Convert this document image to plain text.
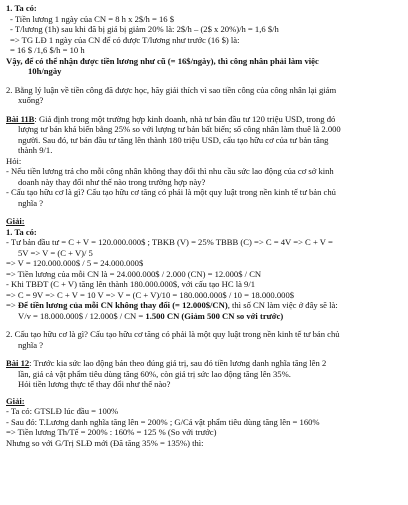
1. Ta có:
- Tiền lương 1 ngày của CN = 8 h x 2$/h = 16 $
- T/lương (1h) sau khi đã bị giá bị giảm 20% là: 2$/h – (2$ x 20%)/h = 1,6 $/h
=> TG LĐ 1 ngày của CN để có được T/lương như trước (16 $) là:
= 16 $ /1,6 $/h = 10 h
Vậy, để có thể nhận được tiền lương như cũ (= 16$/ngày), thì công nhân phải làm việc
10h/ngày
2. Bằng lý luận về tiền công đã được học, hãy giải thích vì sao tiền công của công nhân lại giảm
xuống?
Bài 11B: Giả định trong một trường hợp kinh doanh, nhà tư bản đầu tư 120 triệu USD, trong đó
lượng tư bản khả biến bằng 25% so với lượng tư bản bất biến; số công nhân làm thuê là 2.000
người. Sau đó, tư bản đầu tư tăng lên thành 180 triệu USD, cấu tạo hữu cơ của tư bản tăng
thành 9/1.
Hỏi:
- Nếu tiền lương trả cho mỗi công nhân không thay đổi thì nhu cầu sức lao động của cơ sở kinh
doanh này thay đổi như thế nào trong trường hợp này?
- Cấu tạo hữu cơ là gì? Cấu tạo hữu cơ tăng có phải là một quy luật trong nền kinh tế tư bản chủ
nghĩa ?
Giải:
1. Ta có:
- Tư bản đầu tư = C + V = 120.000.000$ ; TBKB (V) = 25% TBBB (C) => C = 4V => C + V =
5V => V = (C + V)/ 5
=> V = 120.000.000$ / 5 = 24.000.000$
=> Tiền lương của mỗi CN là = 24.000.000$ / 2.000 (CN) = 12.000$ / CN
- Khi TBĐT (C + V) tăng lên thành 180.000.000$, với cấu tạo HC là 9/1
=> C = 9V => C + V = 10 V => V = (C + V)/10 = 180.000.000$ / 10 = 18.000.000$
=> Để tiền lương của mỗi CN không thay đổi (= 12.000$/CN), thì số CN làm việc ở đây sẽ là:
V/v = 18.000.000$ / 12.000$ / CN = 1.500 CN (Giảm 500 CN so với trước)
2. Cấu tạo hữu cơ là gì? Cấu tạo hữu cơ tăng có phải là một quy luật trong nền kinh tế tư bản chủ
nghĩa ?
Bài 12: Trước kia sức lao động bán theo đúng giá trị, sau đó tiền lương danh nghĩa tăng lên 2
lần, giá cả vật phẩm tiêu dùng tăng 60%, còn giá trị sức lao động tăng lên 35%.
Hỏi tiền lương thực tế thay đổi như thế nào?
Giải:
- Ta có: GTSLĐ lúc đầu = 100%
- Sau đó: T.Lương danh nghĩa tăng lên = 200% ; G/Cả vật phẩm tiêu dùng tăng lên = 160%
=> Tiền lương Th/Tế = 200% : 160% = 125 % (So với trước)
Nhưng so với G/Trị SLĐ mới (Đã tăng 35% = 135%) thì:
